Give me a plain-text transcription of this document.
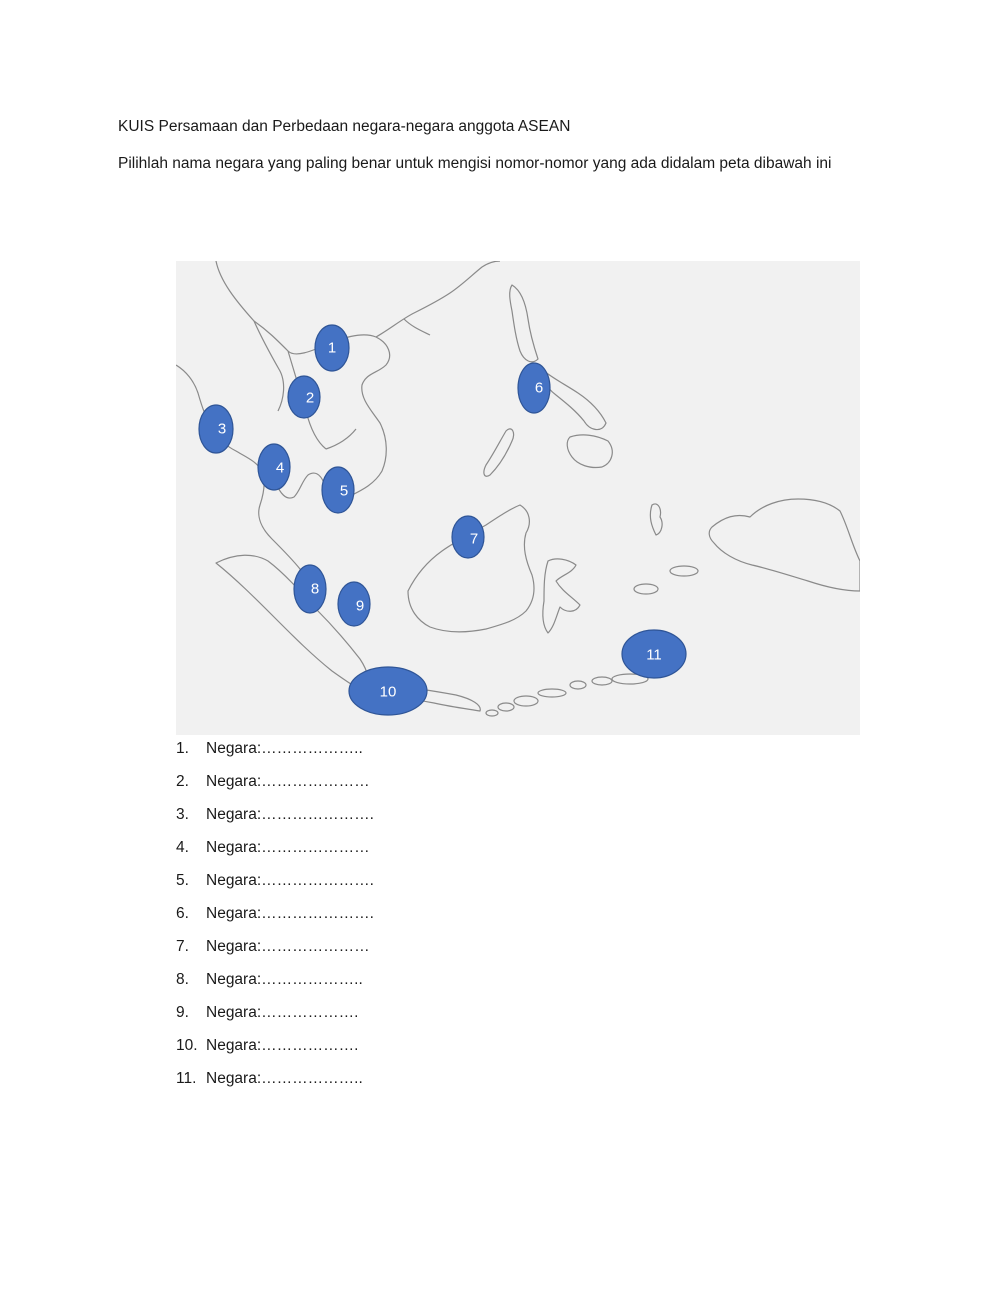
KUIS Persamaan dan Perbedaan negara-negara anggota ASEAN
Pilihlah nama negara yang paling benar untuk mengisi nomor-nomor yang ada didalam peta dibawah ini
1
2
3
4
5
6
7
8
9
10
11
1.	Negara:………………..
2.	Negara:…………………
3.	Negara:………………….
4.	Negara:…………………
5.	Negara:………………….
6.	Negara:………………….
7.	Negara:…………………
8.	Negara:………………..
9.	Negara:……………….
10. Negara:……………….
11. Negara:………………..
